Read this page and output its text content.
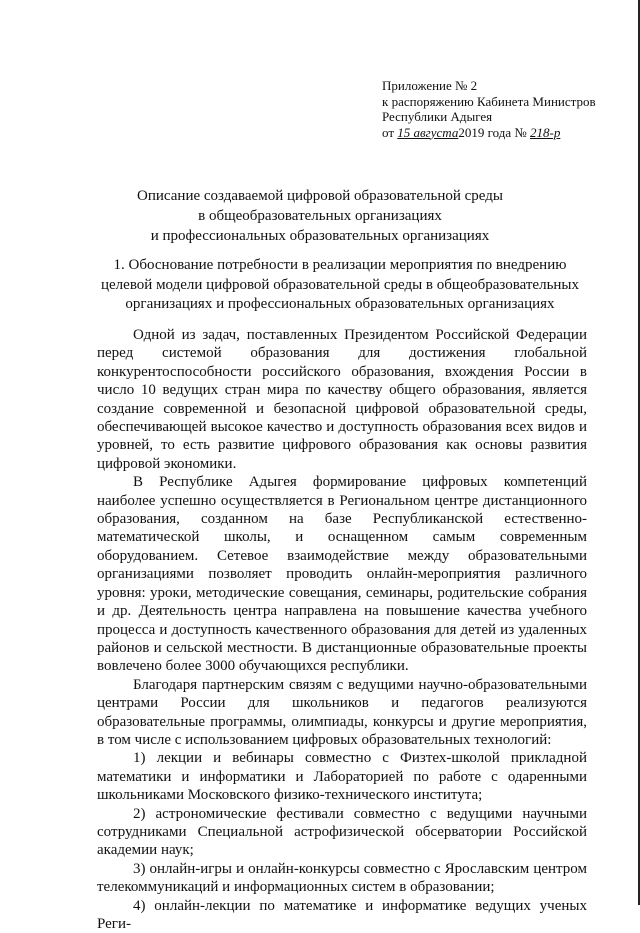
Приложение № 2
к распоряжению Кабинета Министров
Республики Адыгея
от 15 августа2019 года № 218-р
Описание создаваемой цифровой образовательной среды
в общеобразовательных организациях
и профессиональных образовательных организациях
1. Обоснование потребности в реализации мероприятия по внедрению
целевой модели цифровой образовательной среды в общеобразовательных
организациях и профессиональных образовательных организациях

Одной из задач, поставленных Президентом Российской Федерации перед системой образования для достижения глобальной конкурентоспособности российского образования, вхождения России в число 10 ведущих стран мира по качеству общего образования, является создание современной и безопасной цифровой образовательной среды, обеспечивающей высокое качество и доступность образования всех видов и уровней, то есть развитие цифрового образования как основы развития цифровой экономики.

В Республике Адыгея формирование цифровых компетенций наиболее успешно осуществляется в Региональном центре дистанционного образования, созданном на базе Республиканской естественно-математической школы, и оснащенном самым современным оборудованием. Сетевое взаимодействие между образовательными организациями позволяет проводить онлайн-мероприятия различного уровня: уроки, методические совещания, семинары, родительские собрания и др. Деятельность центра направлена на повышение качества учебного процесса и доступность качественного образования для детей из удаленных районов и сельской местности. В дистанционные образовательные проекты вовлечено более 3000 обучающихся республики.

Благодаря партнерским связям с ведущими научно-образовательными центрами России для школьников и педагогов реализуются образовательные программы, олимпиады, конкурсы и другие мероприятия, в том числе с использованием цифровых образовательных технологий:

1) лекции и вебинары совместно с Физтех-школой прикладной математики и информатики и Лабораторией по работе с одаренными школьниками Московского физико-технического института;

2) астрономические фестивали совместно с ведущими научными сотрудниками Специальной астрофизической обсерватории Российской академии наук;

3) онлайн-игры и онлайн-конкурсы совместно с Ярославским центром телекоммуникаций и информационных систем в образовании;

4) онлайн-лекции по математике и информатике ведущих ученых Реги-
